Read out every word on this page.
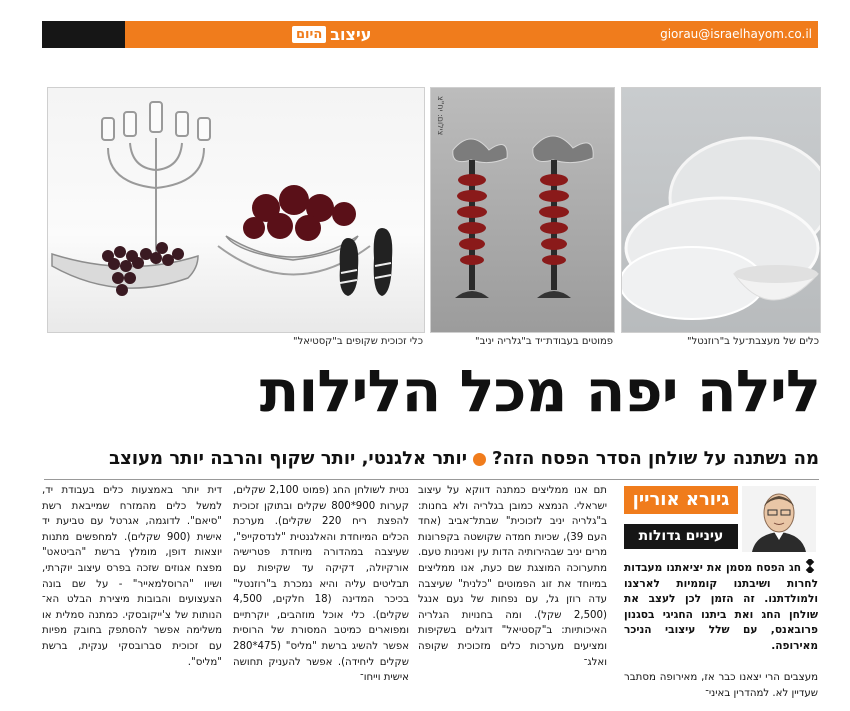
giorau@israelhayom.co.il
עיצוב
היום
כלי זכוכית שקופים ב"קסטיאל"
צילום: יח"צ
פמוטים בעבודת־יד ב"גלריה יניב"	כלים של מעצבת־על ב"רוזנטל"
לילה יפה מכל הלילות
מה נשתנה על שולחן הסדר הפסח הזה?יותר אלגנטי, יותר שקוף והרבה יותר מעוצב
גיורא אוריין
עיניים גדולות
חג הפסח מסמן את יציאתנו מעבדות לחרות ושיבתנו קוממיות לארצנו ולמולדתנו. זה הזמן לכן לעצב את שולחן החג ואת ביתנו החגיגי בסגנון פרובאנס, עם שלל עיצובי הניכר מאירופה.
מעצבים הרי יצאנו כבר אז, מאירופה מסתבר שעדיין לא. למהדרין באיני־
תם אנו ממליצים כמתנה דווקא על עיצוב ישראלי. הנמצא כמובן בגלריה ולא בחנות: ב"גלריה יניב לזכוכית" שבתל־אביב (אחד העם 39), שכיות חמדה שקושטה בקפרונות מרים יניב שבהירותיה הדות עין ואנינות טעם. מתערוכה המוצגת שם כעת, אנו ממליצים במיוחד את זוג הפמוטים "כלנית" שעיצבה עדה רוזן גל, עם נפחות של נעם אנגל (2,500 שקל). ומה בחנויות הגלריה האיכותיות: ב"קסטיאל" דוגלים בשקיפות ומציעים מערכות כלים מזכוכית שקופה ואלג־
נטית לשולחן החג (פמוט 2,100 שקלים, קערות 900*800 שקלים ובתוקן זכוכית להפצת ריח 220 שקלים). מערכת הכלים המיוחדת והאלגנטית "לנדסקייפ", שעיצבה במהדורה מיוחדת פטרישיה אורקיולה, דקיקה עד שקיפות עם תבליטים עליה והיא נמכרת ב"רוזנטל" בכיכר המדינה (18 חלקים, 4,500 שקלים). כלי אוכל מוזהבים, יוקרתיים ומפוארים כמיטב המסורת של הרוסית אפשר להשיג ברשת "מליס" (475*280 שקלים ליחידה). אפשר להעניק תחושה אישית וייחו־
דית יותר באמצעות כלים בעבודת יד, למשל כלים מהמזרח שמייבאת רשת "סיאם". לדוגמה, אגרטל עם טביעת יד אישית (900 שקלים). למחפשים מתנות יוצאות דופן, מומלץ ברשת "הביטאט" מפצח אגוזים שזכה בפרס עיצוב יוקרתי, ושיוו "הרוסלמאייר" - על שם בונה הצעצועים והבובות מיצירת הבלט הא־ הנותות של צ'ייקובסקי. כמתנה סמלית או משלימה אפשר להסתפק בחובק מפיות עם זכוכית סברובסקי ענקית, ברשת "מליס".
